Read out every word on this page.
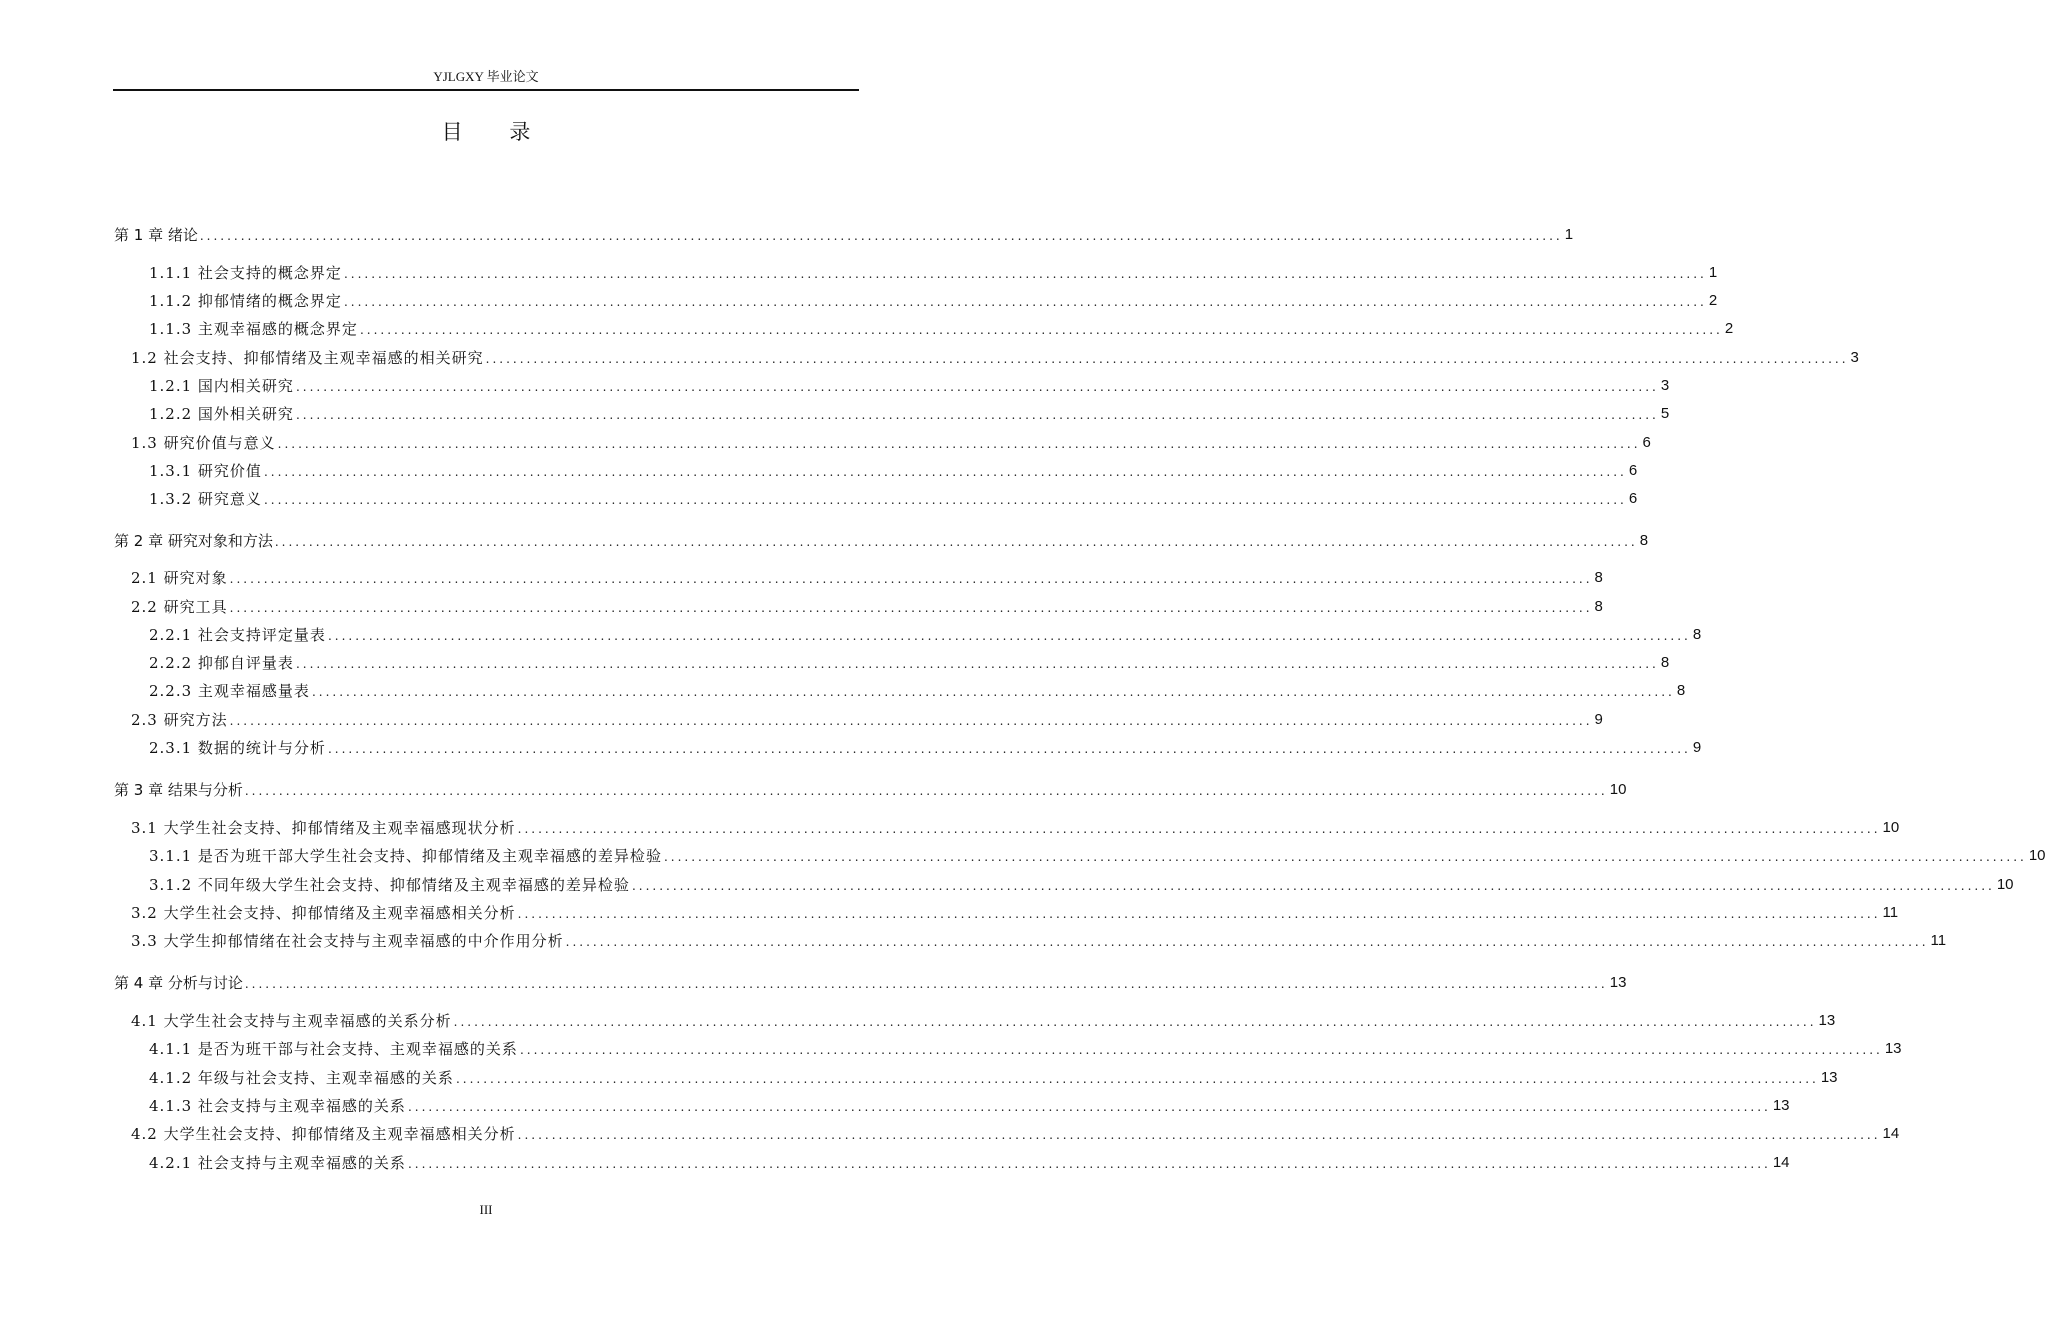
YJLGXY 毕业论文
目 录
第 1 章 绪论 ........................................................................................................................................................................................................ 1
1.1.1 社会支持的概念界定 ........................................................................................................................................................................................................ 1
1.1.2 抑郁情绪的概念界定 ........................................................................................................................................................................................................ 2
1.1.3 主观幸福感的概念界定 ........................................................................................................................................................................................................ 2
1.2 社会支持、抑郁情绪及主观幸福感的相关研究 ........................................................................................................................................................................................................ 3
1.2.1 国内相关研究 ........................................................................................................................................................................................................ 3
1.2.2 国外相关研究 ........................................................................................................................................................................................................ 5
1.3 研究价值与意义 ........................................................................................................................................................................................................ 6
1.3.1 研究价值 ........................................................................................................................................................................................................ 6
1.3.2 研究意义 ........................................................................................................................................................................................................ 6
第 2 章 研究对象和方法 ........................................................................................................................................................................................................ 8
2.1 研究对象 ........................................................................................................................................................................................................ 8
2.2 研究工具 ........................................................................................................................................................................................................ 8
2.2.1 社会支持评定量表 ........................................................................................................................................................................................................ 8
2.2.2 抑郁自评量表 ........................................................................................................................................................................................................ 8
2.2.3 主观幸福感量表 ........................................................................................................................................................................................................ 8
2.3 研究方法 ........................................................................................................................................................................................................ 9
2.3.1 数据的统计与分析 ........................................................................................................................................................................................................ 9
第 3 章 结果与分析 ........................................................................................................................................................................................................ 10
3.1 大学生社会支持、抑郁情绪及主观幸福感现状分析 ........................................................................................................................................................................................................ 10
3.1.1 是否为班干部大学生社会支持、抑郁情绪及主观幸福感的差异检验 ........................................................................................................................................................................................................ 10
3.1.2 不同年级大学生社会支持、抑郁情绪及主观幸福感的差异检验 ........................................................................................................................................................................................................ 10
3.2 大学生社会支持、抑郁情绪及主观幸福感相关分析 ........................................................................................................................................................................................................ 11
3.3 大学生抑郁情绪在社会支持与主观幸福感的中介作用分析 ........................................................................................................................................................................................................ 11
第 4 章 分析与讨论 ........................................................................................................................................................................................................ 13
4.1 大学生社会支持与主观幸福感的关系分析 ........................................................................................................................................................................................................ 13
4.1.1 是否为班干部与社会支持、主观幸福感的关系 ........................................................................................................................................................................................................ 13
4.1.2 年级与社会支持、主观幸福感的关系 ........................................................................................................................................................................................................ 13
4.1.3 社会支持与主观幸福感的关系 ........................................................................................................................................................................................................ 13
4.2 大学生社会支持、抑郁情绪及主观幸福感相关分析 ........................................................................................................................................................................................................ 14
4.2.1 社会支持与主观幸福感的关系 ........................................................................................................................................................................................................ 14
III
